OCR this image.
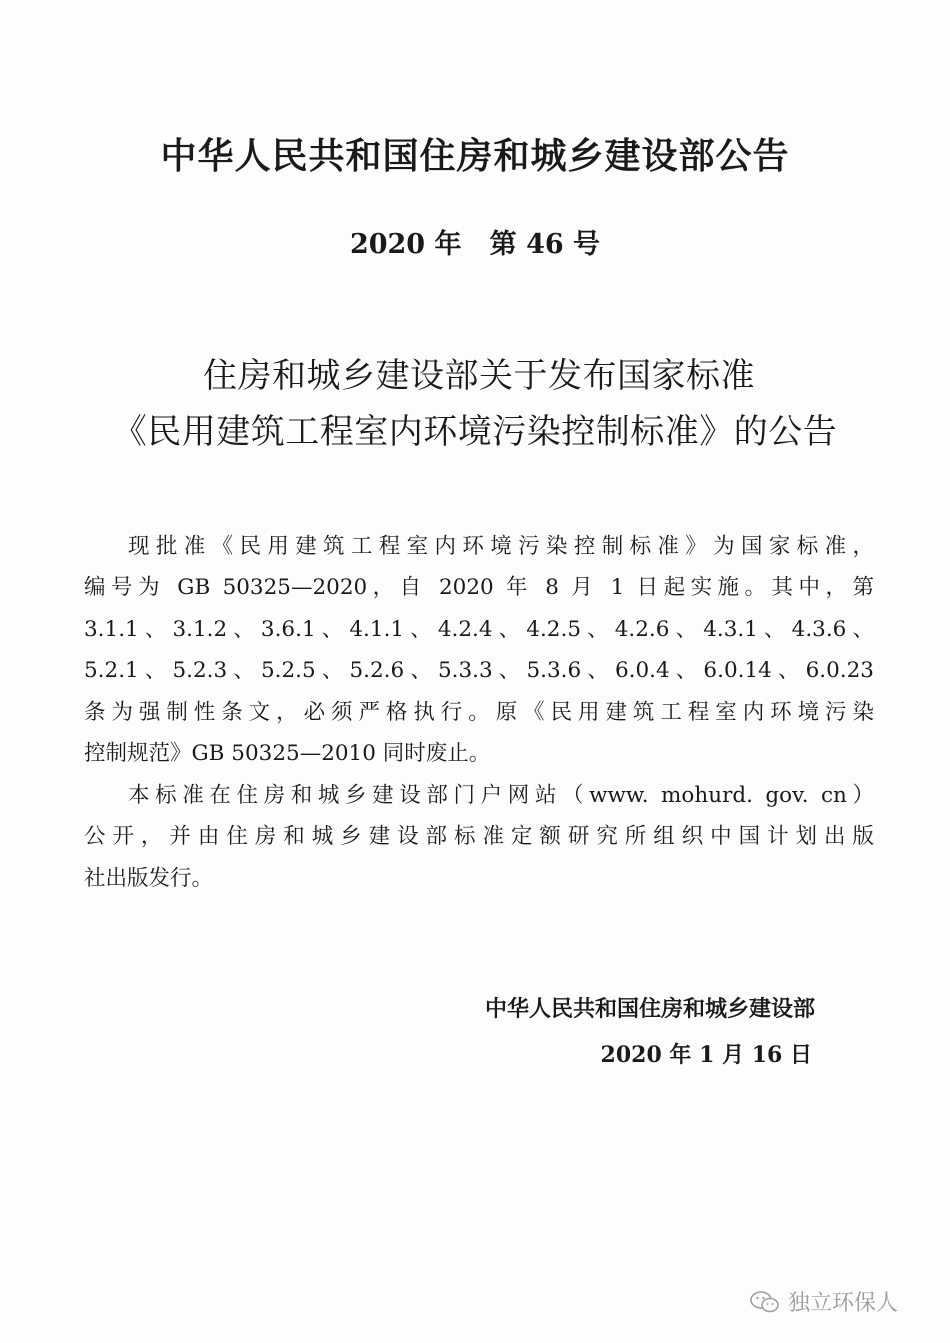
中华人民共和国住房和城乡建设部公告
2020 年   第 46 号
住房和城乡建设部关于发布国家标准
《民用建筑工程室内环境污染控制标准》的公告
现批准《民用建筑工程室内环境污染控制标准》为国家标准，
编号为 GB 50325—2020，自 2020 年 8 月 1 日起实施。其中，第
3.1.1、3.1.2、3.6.1、4.1.1、4.2.4、4.2.5、4.2.6、4.3.1、4.3.6、
5.2.1、5.2.3、5.2.5、5.2.6、5.3.3、5.3.6、6.0.4、6.0.14、6.0.23
条为强制性条文，必须严格执行。原《民用建筑工程室内环境污染
控制规范》GB 50325—2010 同时废止。
本标准在住房和城乡建设部门户网站（www. mohurd. gov. cn）
公开，并由住房和城乡建设部标准定额研究所组织中国计划出版
社出版发行。
中华人民共和国住房和城乡建设部
2020 年 1 月 16 日
独立环保人
